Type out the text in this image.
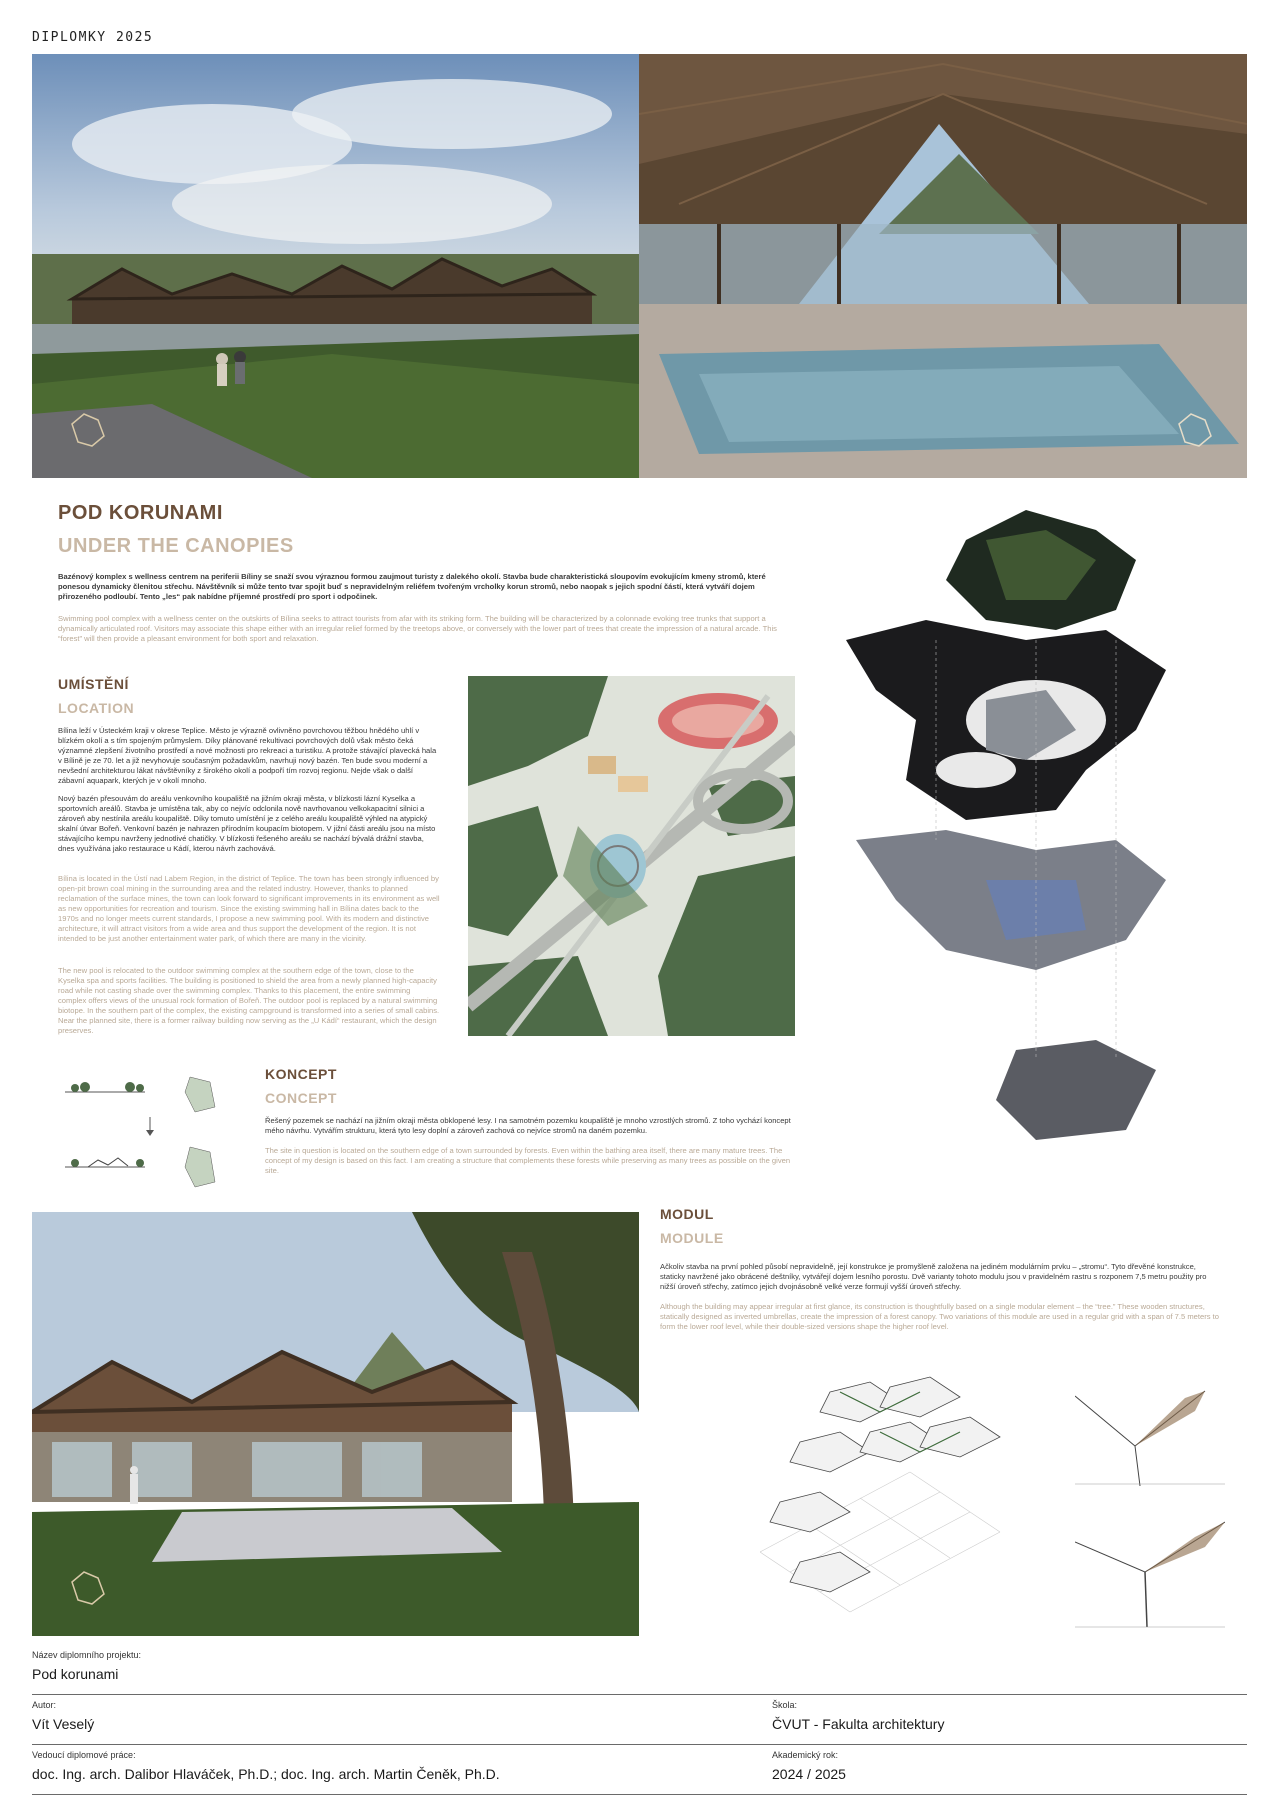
DIPLOMKY 2025
POD KORUNAMI
UNDER THE CANOPIES
Bazénový komplex s wellness centrem na periferii Bíliny se snaží svou výraznou formou zaujmout turisty z dalekého okolí. Stavba bude charakteristická sloupovím evokujícím kmeny stromů, které ponesou dynamicky členitou střechu. Návštěvník si může tento tvar spojit buď s nepravidelným reliéfem tvořeným vrcholky korun stromů, nebo naopak s jejich spodní částí, která vytváří dojem přirozeného podloubí. Tento „les“ pak nabídne příjemné prostředí pro sport i odpočinek.
Swimming pool complex with a wellness center on the outskirts of Bílina seeks to attract tourists from afar with its striking form. The building will be characterized by a colonnade evoking tree trunks that support a dynamically articulated roof. Visitors may associate this shape either with an irregular relief formed by the treetops above, or conversely with the lower part of trees that create the impression of a natural arcade. This “forest” will then provide a pleasant environment for both sport and relaxation.
UMÍSTĚNÍ
LOCATION
Bílina leží v Ústeckém kraji v okrese Teplice. Město je výrazně ovlivněno povrchovou těžbou hnědého uhlí v blízkém okolí a s tím spojeným průmyslem. Díky plánované rekultivaci povrchových dolů však město čeká významné zlepšení životního prostředí a nové možnosti pro rekreaci a turistiku. A protože stávající plavecká hala v Bílině je ze 70. let a již nevyhovuje současným požadavkům, navrhuji nový bazén. Ten bude svou moderní a nevšední architekturou lákat návštěvníky z širokého okolí a podpoří tím rozvoj regionu. Nejde však o další zábavní aquapark, kterých je v okolí mnoho.
Nový bazén přesouvám do areálu venkovního koupaliště na jižním okraji města, v blízkosti lázní Kyselka a sportovních areálů. Stavba je umístěna tak, aby co nejvíc odclonila nově navrhovanou velkokapacitní silnici a zároveň aby nestínila areálu koupaliště. Díky tomuto umístění je z celého areálu koupaliště výhled na atypický skalní útvar Bořeň. Venkovní bazén je nahrazen přírodním koupacím biotopem. V jižní části areálu jsou na místo stávajícího kempu navrženy jednotlivé chatičky. V blízkosti řešeného areálu se nachází bývalá drážní stavba, dnes využívána jako restaurace u Kádí, kterou návrh zachovává.
Bílina is located in the Ústí nad Labem Region, in the district of Teplice. The town has been strongly influenced by open-pit brown coal mining in the surrounding area and the related industry. However, thanks to planned reclamation of the surface mines, the town can look forward to significant improvements in its environment as well as new opportunities for recreation and tourism. Since the existing swimming hall in Bílina dates back to the 1970s and no longer meets current standards, I propose a new swimming pool. With its modern and distinctive architecture, it will attract visitors from a wide area and thus support the development of the region. It is not intended to be just another entertainment water park, of which there are many in the vicinity.
The new pool is relocated to the outdoor swimming complex at the southern edge of the town, close to the Kyselka spa and sports facilities. The building is positioned to shield the area from a newly planned high-capacity road while not casting shade over the swimming complex. Thanks to this placement, the entire swimming complex offers views of the unusual rock formation of Bořeň. The outdoor pool is replaced by a natural swimming biotope. In the southern part of the complex, the existing campground is transformed into a series of small cabins. Near the planned site, there is a former railway building now serving as the „U Kádí“ restaurant, which the design preserves.
KONCEPT
CONCEPT
Řešený pozemek se nachází na jižním okraji města obklopené lesy. I na samotném pozemku koupaliště je mnoho vzrostlých stromů. Z toho vychází koncept mého návrhu. Vytvářím strukturu, která tyto lesy doplní a zároveň zachová co nejvíce stromů na daném pozemku.
The site in question is located on the southern edge of a town surrounded by forests. Even within the bathing area itself, there are many mature trees. The concept of my design is based on this fact. I am creating a structure that complements these forests while preserving as many trees as possible on the given site.
MODUL
MODULE
Ačkoliv stavba na první pohled působí nepravidelně, její konstrukce je promyšleně založena na jediném modulárním prvku – „stromu“. Tyto dřevěné konstrukce, staticky navržené jako obrácené deštníky, vytvářejí dojem lesního porostu. Dvě varianty tohoto modulu jsou v pravidelném rastru s rozponem 7,5 metru použity pro nižší úroveň střechy, zatímco jejich dvojnásobně velké verze formují vyšší úroveň střechy.
Although the building may appear irregular at first glance, its construction is thoughtfully based on a single modular element – the “tree.” These wooden structures, statically designed as inverted umbrellas, create the impression of a forest canopy. Two variations of this module are used in a regular grid with a span of 7.5 meters to form the lower roof level, while their double-sized versions shape the higher roof level.
Název diplomního projektu:
Pod korunami
Autor:
Vít Veselý
Škola:
ČVUT - Fakulta architektury
Vedoucí diplomové práce:
doc. Ing. arch. Dalibor Hlaváček, Ph.D.; doc. Ing. arch. Martin Čeněk, Ph.D.
Akademický rok:
2024 / 2025
